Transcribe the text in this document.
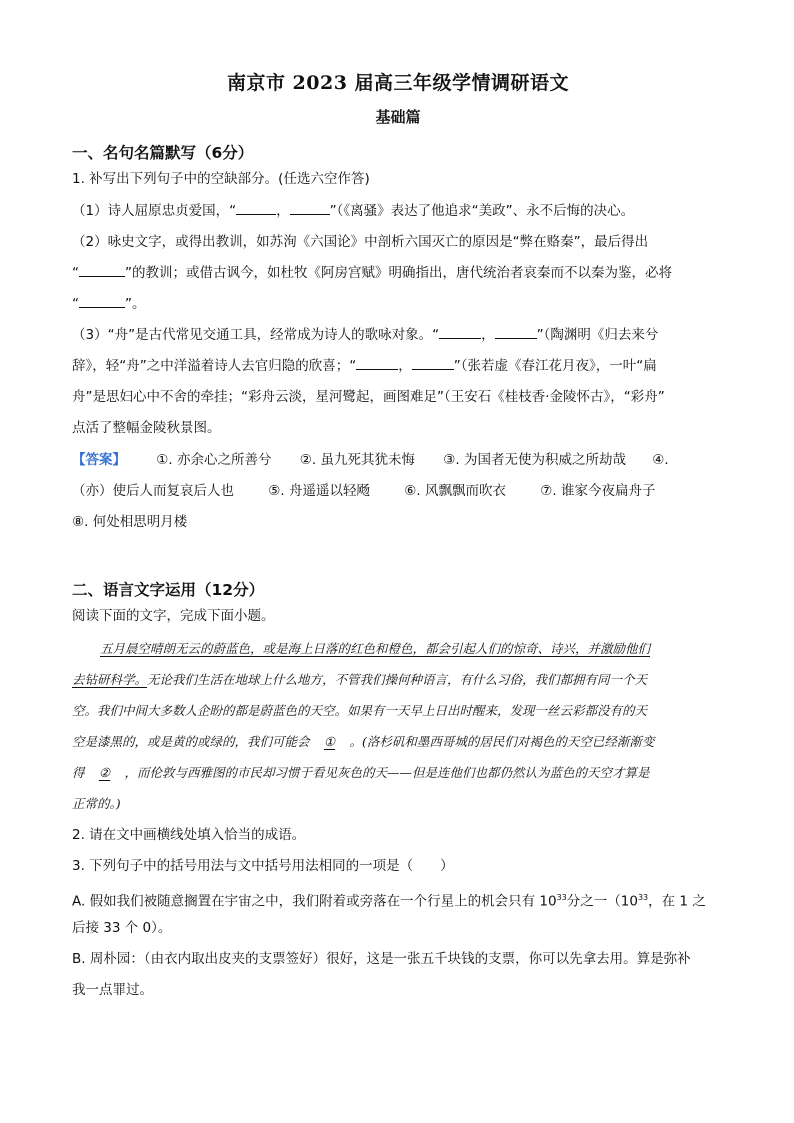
南京市 2023 届高三年级学情调研语文
基础篇
一、名句名篇默写（6分）
1. 补写出下列句子中的空缺部分。(任选六空作答)
（1）诗人屈原忠贞爱国，“	，	”（《离骚》表达了他追求“美政”、永不后悔的决心。
（2）咏史文字，或得出教训，如苏洵《六国论》中剖析六国灭亡的原因是“弊在赂秦”，最后得出
“	”的教训；或借古讽今，如杜牧《阿房宫赋》明确指出，唐代统治者哀秦而不以秦为鉴，必将
“	”。
（3）“舟”是古代常见交通工具，经常成为诗人的歌咏对象。“	，	”（陶渊明《归去来兮
辞》，轻“舟”之中洋溢着诗人去官归隐的欣喜；“	，	”（张若虚《春江花月夜》，一叶“扁
舟”是思妇心中不舍的牵挂；“彩舟云淡，星河鹭起，画图难足”（王安石《桂枝香·金陵怀古》，“彩舟”
点活了整幅金陵秋景图。
【答案】 ①. 亦余心之所善兮 ②. 虽九死其犹未悔 ③. 为国者无使为积威之所劫哉 ④.
（亦）使后人而复哀后人也	⑤. 舟遥遥以轻飏	⑥. 风飘飘而吹衣	⑦. 谁家今夜扁舟子
⑧. 何处相思明月楼
二、语言文字运用（12分）
阅读下面的文字，完成下面小题。
五月晨空晴朗无云的蔚蓝色，或是海上日落的红色和橙色，都会引起人们的惊奇、诗兴，并激励他们
去钻研科学。无论我们生活在地球上什么地方，不管我们操何种语言，有什么习俗，我们都拥有同一个天
空。我们中间大多数人企盼的都是蔚蓝色的天空。如果有一天早上日出时醒来，发现一丝云彩都没有的天
空是漆黑的，或是黄的或绿的，我们可能会 ① 。(洛杉矶和墨西哥城的居民们对褐色的天空已经渐渐变
得 ② ，而伦敦与西雅图的市民却习惯于看见灰色的天——但是连他们也都仍然认为蓝色的天空才算是
正常的。)
2. 请在文中画横线处填入恰当的成语。
3. 下列句子中的括号用法与文中括号用法相同的一项是（　　）
A. 假如我们被随意搁置在宇宙之中，我们附着或旁落在一个行星上的机会只有 $10^{33}$分之一（$10^{33}$，在 1 之
后接 33 个 0）。
B. 周朴园：（由衣内取出皮夹的支票签好）很好，这是一张五千块钱的支票，你可以先拿去用。算是弥补
我一点罪过。
